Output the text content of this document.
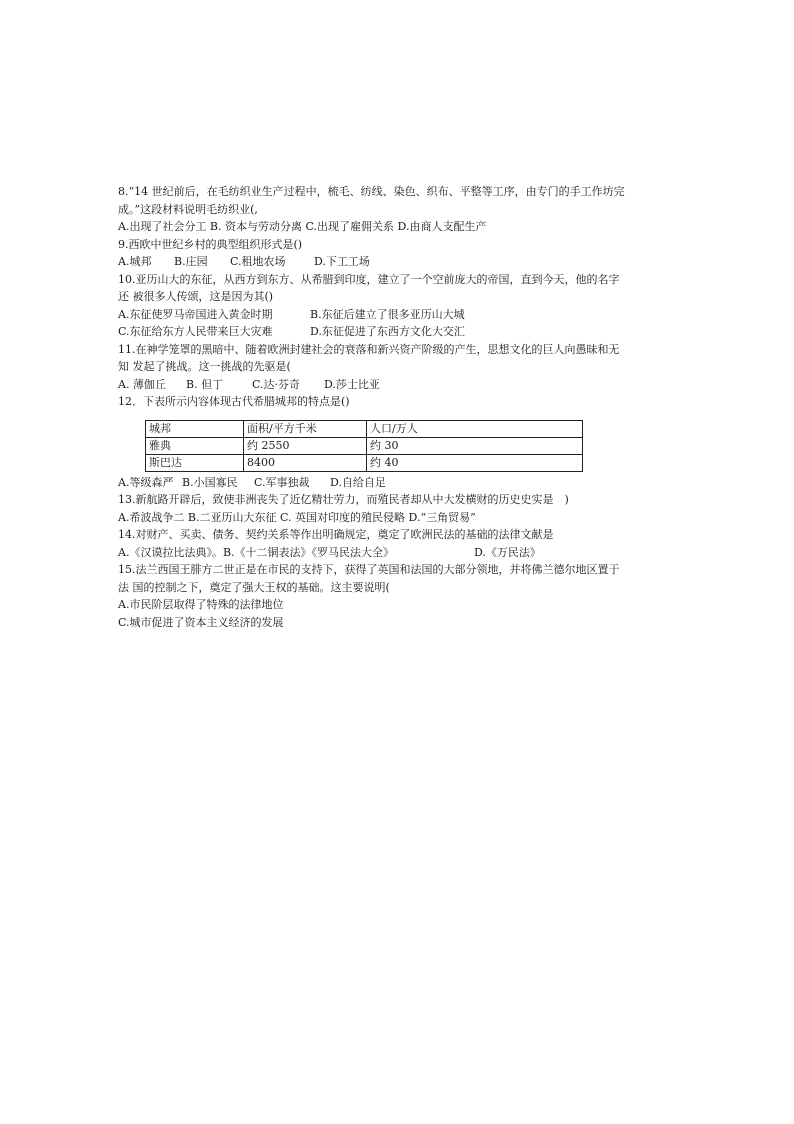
8.“14 世纪前后，在毛纺织业生产过程中，梳毛、纺线、染色、织布、平整等工序，由专门的手工作坊完
成。”这段材料说明毛纺织业(,
A.出现了社会分工 B. 资本与劳动分离 C.出现了雇佣关系 D.由商人支配生产
9.西欧中世纪乡村的典型组织形式是()
A.城邦	B.庄园	C.租地农场	D.下工工场
10.亚历山大的东征，从西方到东方、从希腊到印度，建立了一个空前庞大的帝国，直到今天，他的名字
还 被很多人传颂，这是因为其()
A.东征使罗马帝国进入黄金时期	B.东征后建立了很多亚历山大城
C.东征给东方人民带来巨大灾难	D.东征促进了东西方文化大交汇
11.在神学笼罩的黑暗中、随着欧洲封建社会的衰落和新兴资产阶级的产生，思想文化的巨人向愚昧和无
知 发起了挑战。这一挑战的先驱是(
A. 薄伽丘	B. 但丁	C.达·芬奇	D.莎士比亚
12．下表所示内容体现古代希腊城邦的特点是()
城邦	面积/平方千米	人口/万人
雅典	约 2550	约 30
斯巴达	8400	约 40
A.等级森严 B.小国寡民	C.军事独裁	D.自给自足
13.新航路开辟后，致使非洲丧失了近亿精壮劳力，而殖民者却从中大发横财的历史史实是　)
A.希波战争二 B.二亚历山大东征 C. 英国对印度的殖民侵略 D.“三角贸易”
14.对财产、买卖、债务、契约关系等作出明确规定，奠定了欧洲民法的基础的法律文献是
A.《汉谟拉比法典》。B.《十二铜表法》《罗马民法大全》	D.《万民法》
15.法兰西国王腓方二世正是在市民的支持下，获得了英国和法国的大部分领地，并将佛兰德尔地区置于
法 国的控制之下，奠定了强大王权的基础。这主要说明(
A.市民阶层取得了特殊的法律地位
C.城市促进了资本主义经济的发展
